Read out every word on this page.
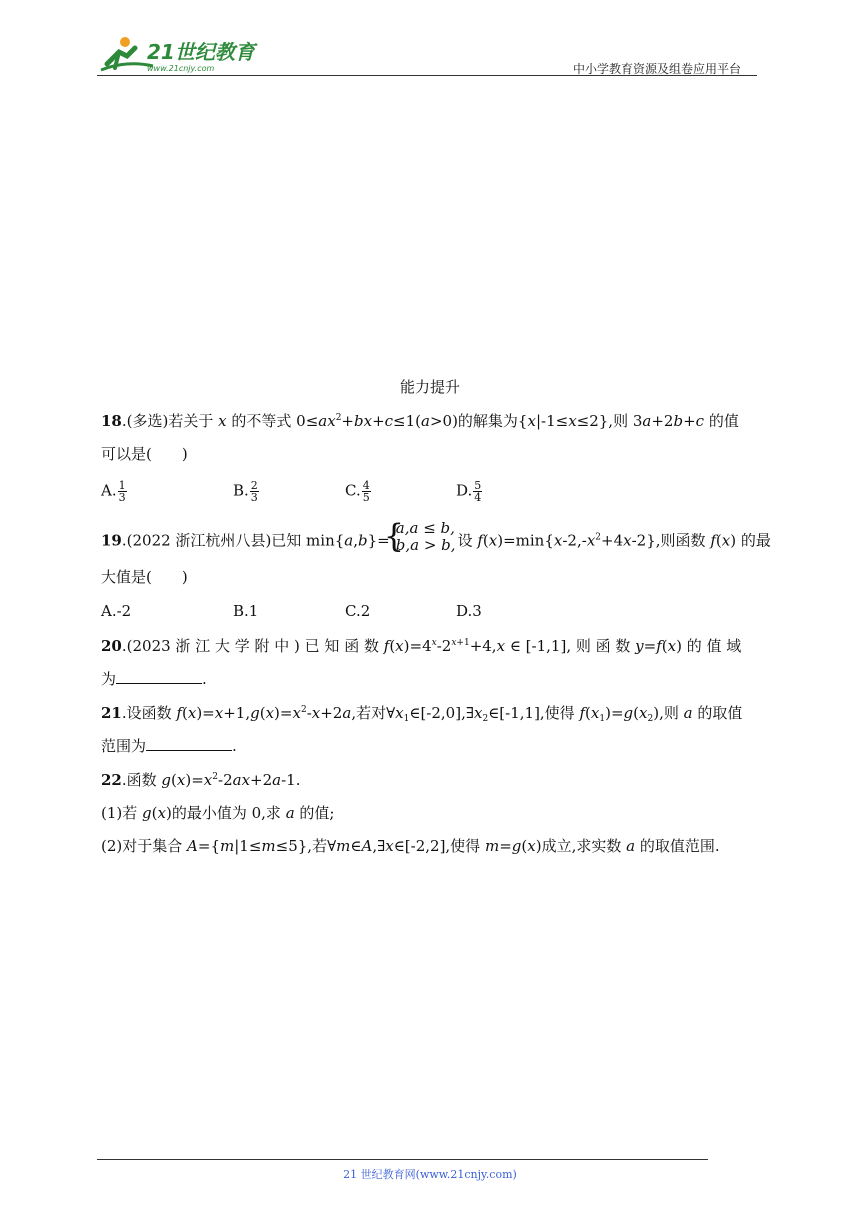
21世纪教育
www.21cnjy.com	中小学教育资源及组卷应用平台
能力提升
18.(多选)若关于 x 的不等式 $0\le ax^2+bx+c\le 1(a>0)$的解集为{x|-1≤x≤2},则 3a+2b+c 的值
可以是(　　)
A. $\frac{1}{3}$	B. $\frac{2}{3}$	C. $\frac{4}{5}$	D. $\frac{5}{4}$
19.(2022 浙江杭州八县)已知 min{a,b}=
{
a,a ≤ b,
b,a > b, 设 $f(x)=\min\{x-2,-x^2+4x-2\}$,则函数 f(x) 的最
大值是(　　)
A.-2	B.1	C.2	D.3
20.(2023 浙 江 大 学 附 中 ) 已 知 函 数 $f(x)=4^x-2^{x+1}+4,x$ ∈ [-1,1], 则 函 数 y=f(x) 的 值 域
为	.
21.设函数 $f(x)=x+1,g(x)=x^2-x+2a$,若对$\forall x_1\in[-2,0],\exists x_2\in[-1,1]$,使得 $f(x_1)=g(x_2)$,则 a 的取值
范围为	.
22.函数 $g(x)=x^2-2ax+2a-1$.
(1)若 g(x)的最小值为 0,求 a 的值;
(2)对于集合 A={m|1≤m≤5},若∀m∈A,∃x∈[-2,2],使得 m=g(x)成立,求实数 a 的取值范围.
21 世纪教育网(www.21cnjy.com)
